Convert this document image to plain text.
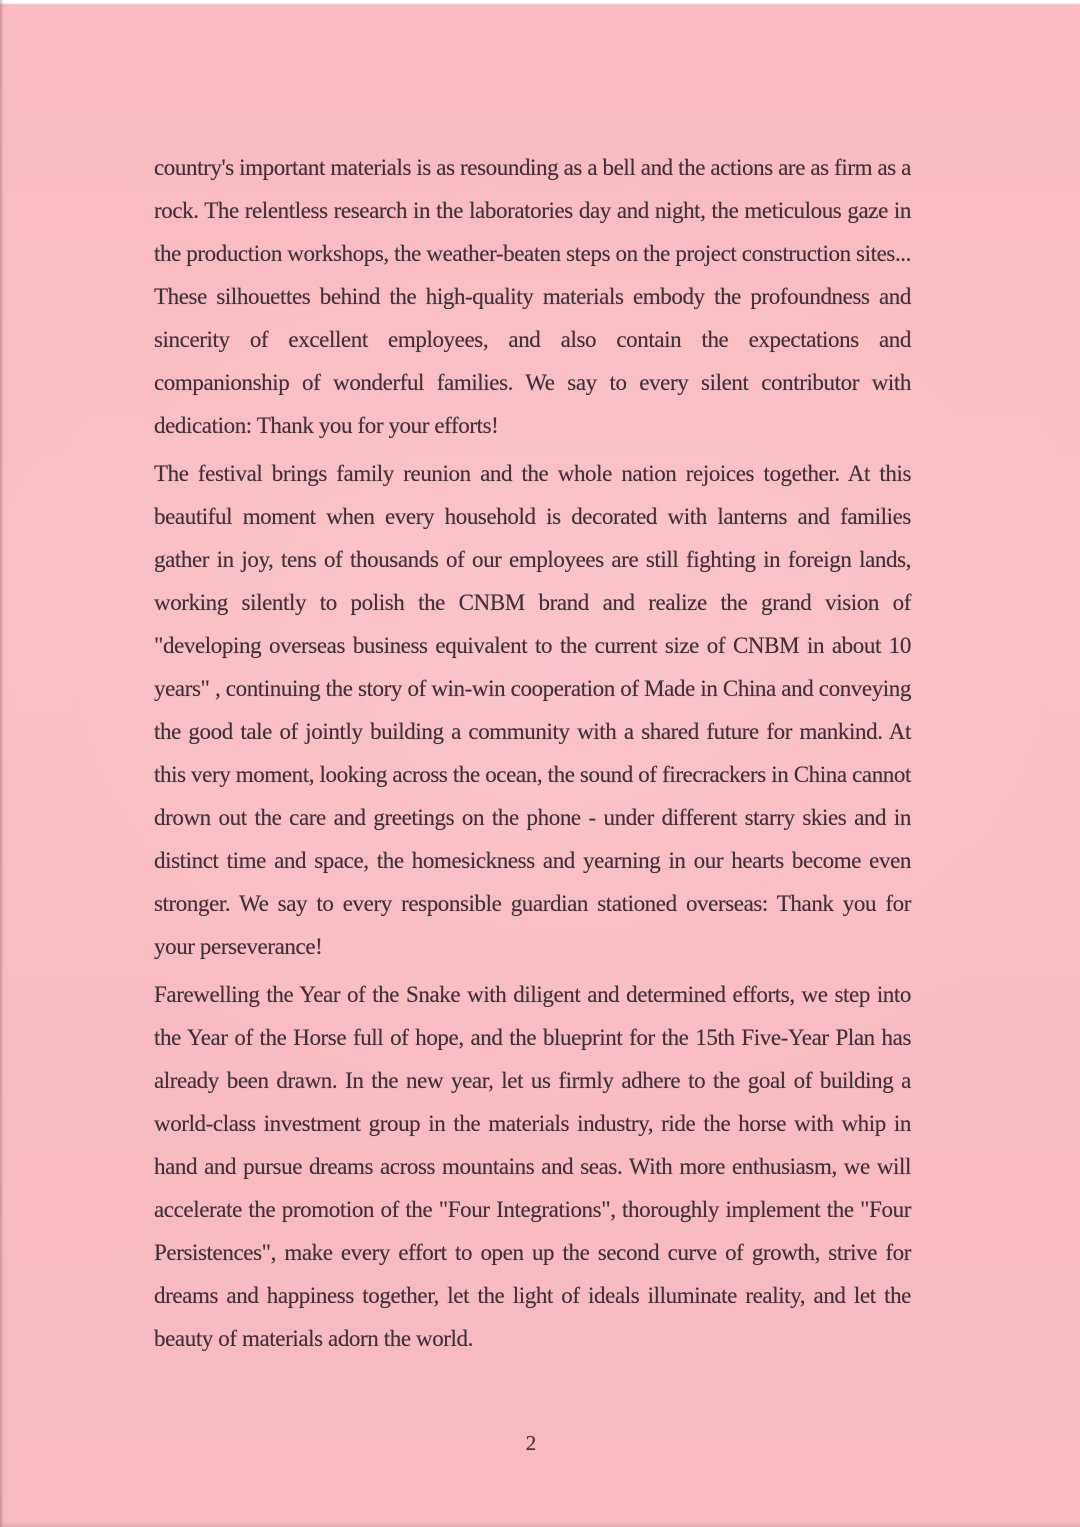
country's important materials is as resounding as a bell and the actions are as firm as a rock. The relentless research in the laboratories day and night, the meticulous gaze in the production workshops, the weather-beaten steps on the project construction sites... These silhouettes behind the high-quality materials embody the profoundness and sincerity of excellent employees, and also contain the expectations and companionship of wonderful families. We say to every silent contributor with dedication: Thank you for your efforts!

The festival brings family reunion and the whole nation rejoices together. At this beautiful moment when every household is decorated with lanterns and families gather in joy, tens of thousands of our employees are still fighting in foreign lands, working silently to polish the CNBM brand and realize the grand vision of "developing overseas business equivalent to the current size of CNBM in about 10 years" , continuing the story of win-win cooperation of Made in China and conveying the good tale of jointly building a community with a shared future for mankind. At this very moment, looking across the ocean, the sound of firecrackers in China cannot drown out the care and greetings on the phone - under different starry skies and in distinct time and space, the homesickness and yearning in our hearts become even stronger. We say to every responsible guardian stationed overseas: Thank you for your perseverance!

Farewelling the Year of the Snake with diligent and determined efforts, we step into the Year of the Horse full of hope, and the blueprint for the 15th Five-Year Plan has already been drawn. In the new year, let us firmly adhere to the goal of building a world-class investment group in the materials industry, ride the horse with whip in hand and pursue dreams across mountains and seas. With more enthusiasm, we will accelerate the promotion of the "Four Integrations", thoroughly implement the "Four Persistences", make every effort to open up the second curve of growth, strive for dreams and happiness together, let the light of ideals illuminate reality, and let the beauty of materials adorn the world.

2
